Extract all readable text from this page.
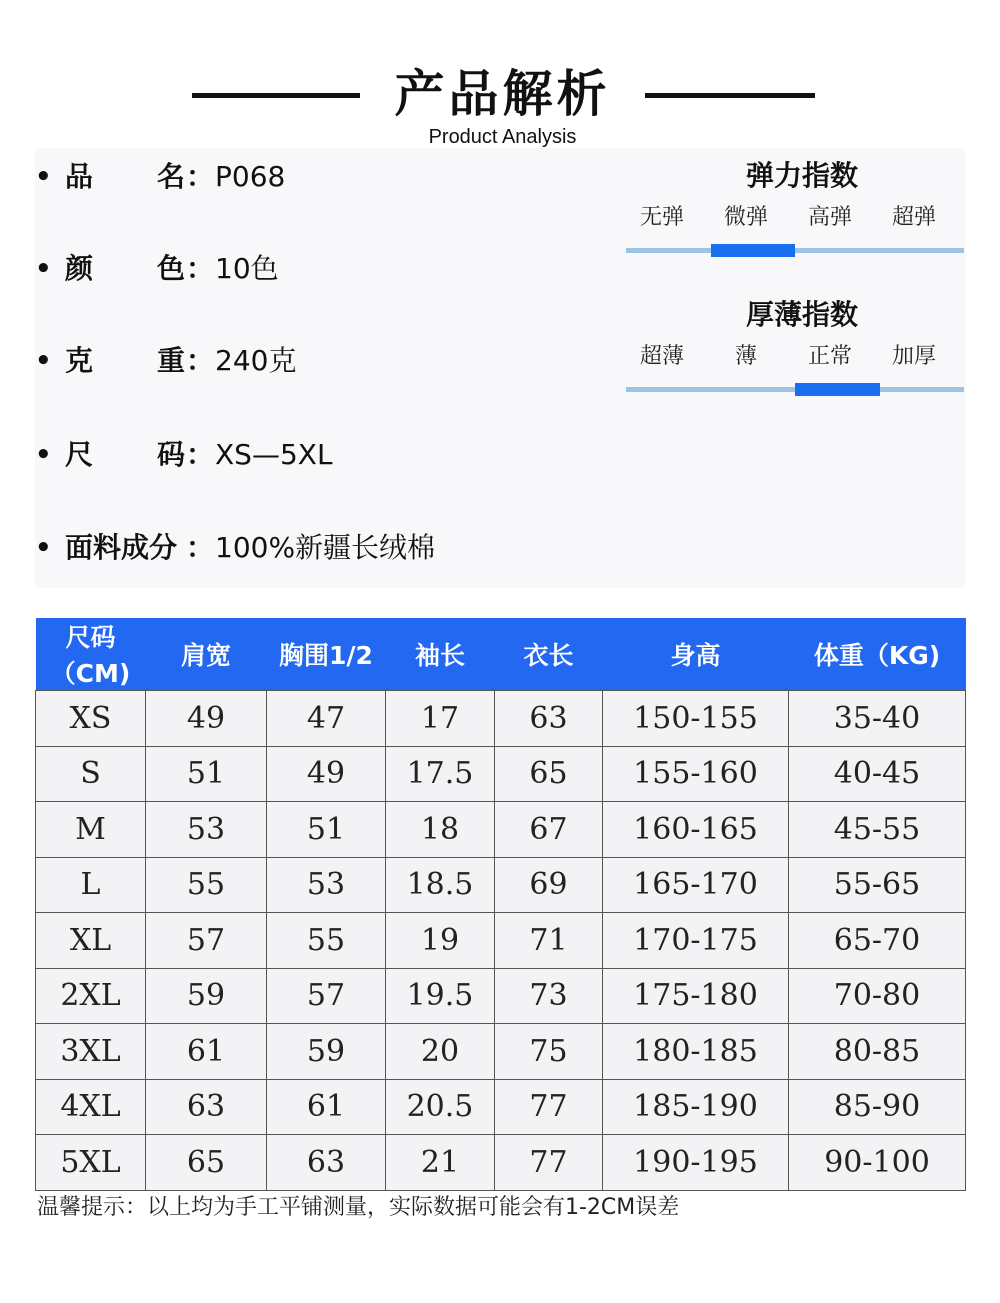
产品解析
Product Analysis
• 品 名 ： P068
• 颜 色 ： 10色
• 克 重 ： 240克
• 尺 码 ： XS—5XL
• 面料成分 ： 100%新疆长绒棉
弹力指数
无弹	微弹	高弹	超弹
厚薄指数
超薄	薄	正常	加厚
尺码（CM)	肩宽	胸围1/2	袖长	衣长	身高	体重（KG)
XS	49	47	17	63	150-155	35-40
S	51	49	17.5	65	155-160	40-45
M	53	51	18	67	160-165	45-55
L	55	53	18.5	69	165-170	55-65
XL	57	55	19	71	170-175	65-70
2XL	59	57	19.5	73	175-180	70-80
3XL	61	59	20	75	180-185	80-85
4XL	63	61	20.5	77	185-190	85-90
5XL	65	63	21	77	190-195	90-100
温馨提示：以上均为手工平铺测量，实际数据可能会有1-2CM误差
